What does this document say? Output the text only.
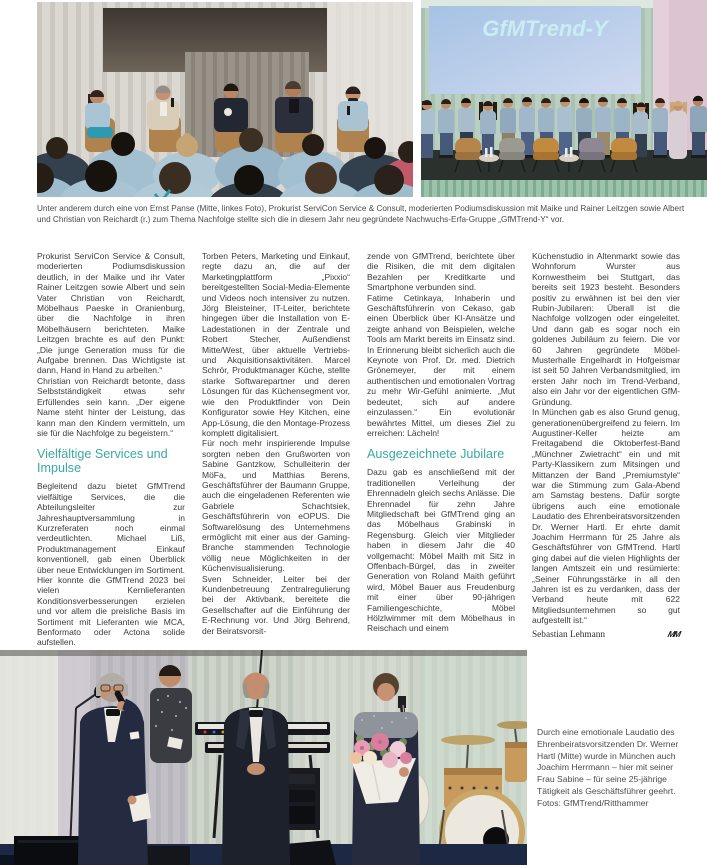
GfMTrend-Y

Unter anderem durch eine von Ernst Panse (Mitte, linkes Foto), Prokurist ServiCon Service & Consult, moderierten Podiumsdiskussion mit Maike und Rainer Leitzgen sowie Albert und Christian von Reichardt (r.) zum Thema Nachfolge stellte sich die in diesem Jahr neu gegründete Nachwuchs-Erfa-Gruppe „GfMTrend-Y“ vor.

Prokurist ServiCon Service & Consult, moderierten Podiumsdiskussion deutlich, in der Maike und ihr Vater Rainer Leitzgen sowie Albert und sein Vater Christian von Reichardt, Möbelhaus Paeske in Oranienburg, über die Nachfolge in ihren Möbelhäusern berichteten. Maike Leitzgen brachte es auf den Punkt: „Die junge Generation muss für die Aufgabe brennen. Das Wichtigste ist dann, Hand in Hand zu arbeiten.“

Christian von Reichardt betonte, dass Selbstständigkeit etwas sehr Erfüllendes sein kann. „Der eigene Name steht hinter der Leistung, das kann man den Kindern vermitteln, um sie für die Nachfolge zu begeistern.“

Vielfältige Services und Impulse

Begleitend dazu bietet GfMTrend vielfältige Services, die die Abteilungsleiter zur Jahreshauptversammlung in Kurzreferaten noch einmal verdeutlichten. Michael Liß, Produktmanagement Einkauf konventionell, gab einen Überblick über neue Entwicklungen im Sortiment. Hier konnte die GfMTrend 2023 bei vielen Kernlieferanten Konditionsverbesserungen erzielen und vor allem die preisliche Basis im Sortiment mit Lieferanten wie MCA, Benformato oder Actona solide aufstellen.

Torben Peters, Marketing und Einkauf, regte dazu an, die auf der Marketingplattform „Pixxio“ bereitgestellten Social-Media-Elemente und Videos noch intensiver zu nutzen. Jörg Bleisteiner, IT-Leiter, berichtete hingegen über die Installation von E-Ladestationen in der Zentrale und Robert Stecher, Außendienst Mitte/West, über aktuelle Vertriebs- und Akquisitionsaktivitäten. Marcel Schrör, Produktmanager Küche, stellte starke Softwarepartner und deren Lösungen für das Küchensegment vor, wie den Produktfinder von Dein Konfigurator sowie Hey Kitchen, eine App-Lösung, die den Montage-Prozess komplett digitalisiert.

Für noch mehr inspirierende Impulse sorgten neben den Grußworten von Sabine Gantzkow, Schulleiterin der MöFa, und Matthias Berens, Geschäftsführer der Baumann Gruppe, auch die eingeladenen Referenten wie Gabriele Schachtsiek, Geschäftsführerin von eOPUS. Die Softwarelösung des Unternehmens ermöglicht mit einer aus der Gaming-Branche stammenden Technologie völlig neue Möglichkeiten in der Küchenvisualisierung.

Sven Schneider, Leiter bei der Kundenbetreuung Zentralregulierung bei der Aktivbank, bereitete die Gesellschafter auf die Einführung der E-Rechnung vor. Und Jörg Behrend, der Beiratsvorsit-

zende von GfMTrend, berichtete über die Risiken, die mit dem digitalen Bezahlen per Kreditkarte und Smartphone verbunden sind.

Fatime Cetinkaya, Inhaberin und Geschäftsführerin von Cekaso, gab einen Überblick über KI-Ansätze und zeigte anhand von Beispielen, welche Tools am Markt bereits im Einsatz sind. In Erinnerung bleibt sicherlich auch die Keynote von Prof. Dr. med. Dietrich Grönemeyer, der mit einem authentischen und emotionalen Vortrag zu mehr Wir-Gefühl animierte. „Mut bedeutet, sich auf andere einzulassen.“ Ein evolutionär bewährtes Mittel, um dieses Ziel zu erreichen: Lächeln!

Ausgezeichnete Jubilare

Dazu gab es anschließend mit der traditionellen Verleihung der Ehrennadeln gleich sechs Anlässe. Die Ehrennadel für zehn Jahre Mitgliedschaft bei GfMTrend ging an das Möbelhaus Grabinski in Regensburg. Gleich vier Mitglieder haben in diesem Jahr die 40 vollgemacht: Möbel Maith mit Sitz in Offenbach-Bürgel, das in zweiter Generation von Roland Maith geführt wird, Möbel Bauer aus Freudenburg mit einer über 90-jährigen Familiengeschichte, Möbel Hölzlwimmer mit dem Möbelhaus in Reischach und einem

Küchenstudio in Altenmarkt sowie das Wohnforum Wurster aus Kornwestheim bei Stuttgart, das bereits seit 1923 besteht. Besonders positiv zu erwähnen ist bei den vier Rubin-Jubilaren: Überall ist die Nachfolge vollzogen oder eingeleitet. Und dann gab es sogar noch ein goldenes Jubiläum zu feiern. Die vor 60 Jahren gegründete Möbel-Musterhalle Engelhardt in Hofgeismar ist seit 50 Jahren Verbandsmitglied, im ersten Jahr noch im Trend-Verband, also ein Jahr vor der eigentlichen GfM-Gründung.

In München gab es also Grund genug, generationenübergreifend zu feiern. Im Augustiner-Keller heizte am Freitagabend die Oktoberfest-Band „Münchner Zwietracht“ ein und mit Party-Klassikern zum Mitsingen und Mittanzen der Band „Premiumstyle“ war die Stimmung zum Gala-Abend am Samstag bestens. Dafür sorgte übrigens auch eine emotionale Laudatio des Ehrenbeiratsvorsitzenden Dr. Werner Hartl. Er ehrte damit Joachim Herrmann für 25 Jahre als Geschäftsführer von GfMTrend. Hartl ging dabei auf die vielen Highlights der langen Amtszeit ein und resümierte: „Seiner Führungsstärke in all den Jahren ist es zu verdanken, dass der Verband heute mit 622 Mitgliedsunternehmen so gut aufgestellt ist.“

Sebastian Lehmann	MM

Durch eine emotionale Laudatio des Ehrenbeiratsvorsitzenden Dr. Werner Hartl (Mitte) wurde in München auch Joachim Herrmann – hier mit seiner Frau Sabine – für seine 25-jährige Tätigkeit als Geschäftsführer geehrt. Fotos: GfMTrend/Ritthammer
